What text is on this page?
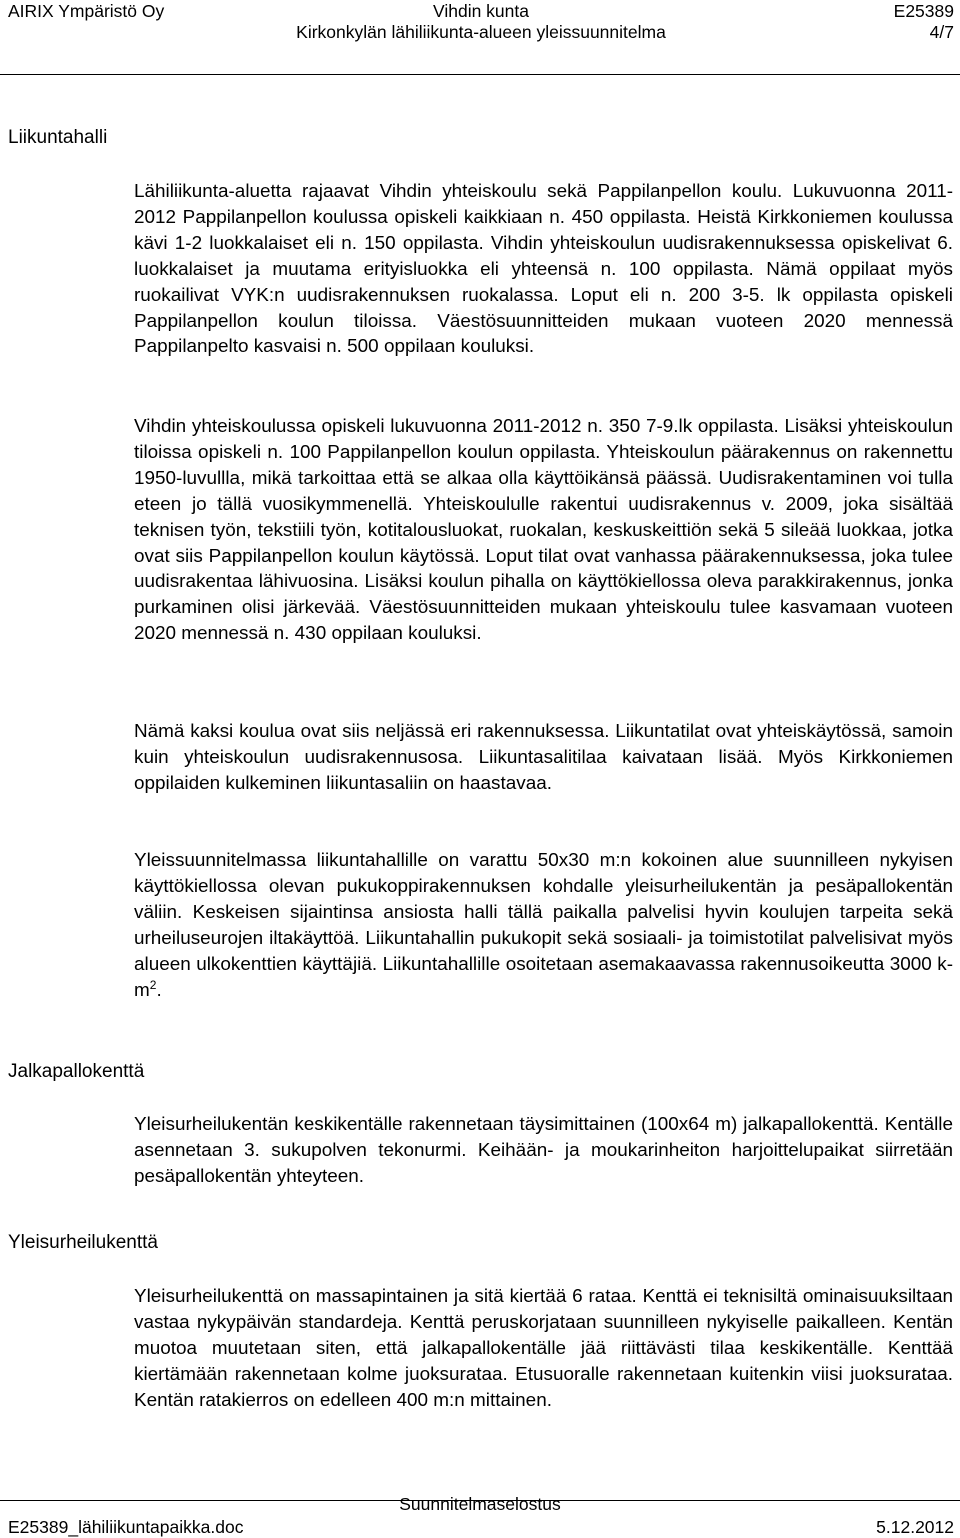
AIRIX Ympäristö Oy	Vihdin kunta	E25389
Kirkonkylän lähiliikunta-alueen yleissuunnitelma	4/7
Liikuntahalli
Jalkapallokenttä
Yleisurheilukenttä

Lähiliikunta-aluetta rajaavat Vihdin yhteiskoulu sekä Pappilanpellon koulu. Lukuvuonna 2011-2012 Pappilanpellon koulussa opiskeli kaikkiaan n. 450 oppilasta. Heistä Kirkkoniemen koulussa kävi 1-2 luokkalaiset eli n. 150 oppilasta. Vihdin yhteiskoulun uudisrakennuksessa opiskelivat 6. luokkalaiset ja muutama erityisluokka eli yhteensä n. 100 oppilasta. Nämä oppilaat myös ruokailivat VYK:n uudisrakennuksen ruokalassa. Loput eli n. 200 3-5. lk oppilasta opiskeli Pappilanpellon koulun tiloissa. Väestösuunnitteiden mukaan vuoteen 2020 mennessä Pappilanpelto kasvaisi n. 500 oppilaan kouluksi.

Vihdin yhteiskoulussa opiskeli lukuvuonna 2011-2012 n. 350 7-9.lk oppilasta. Lisäksi yhteiskoulun tiloissa opiskeli n. 100 Pappilanpellon koulun oppilasta. Yhteiskoulun päärakennus on rakennettu 1950-luvullla, mikä tarkoittaa että se alkaa olla käyttöikänsä päässä. Uudisrakentaminen voi tulla eteen jo tällä vuosikymmenellä. Yhteiskoululle rakentui uudisrakennus v. 2009, joka sisältää teknisen työn, tekstiili työn, kotitalousluokat, ruokalan, keskuskeittiön sekä 5 sileää luokkaa, jotka ovat siis Pappilanpellon koulun käytössä. Loput tilat ovat vanhassa päärakennuksessa, joka tulee uudisrakentaa lähivuosina. Lisäksi koulun pihalla on käyttökiellossa oleva parakkirakennus, jonka purkaminen olisi järkevää. Väestösuunnitteiden mukaan yhteiskoulu tulee kasvamaan vuoteen 2020 mennessä n. 430 oppilaan kouluksi.

Nämä kaksi koulua ovat siis neljässä eri rakennuksessa. Liikuntatilat ovat yhteiskäytössä, samoin kuin yhteiskoulun uudisrakennusosa. Liikuntasalitilaa kaivataan lisää. Myös Kirkkoniemen oppilaiden kulkeminen liikuntasaliin on haastavaa.

Yleissuunnitelmassa liikuntahallille on varattu 50x30 m:n kokoinen alue suunnilleen nykyisen käyttökiellossa olevan pukukoppirakennuksen kohdalle yleisurheilukentän ja pesäpallokentän väliin. Keskeisen sijaintinsa ansiosta halli tällä paikalla palvelisi hyvin koulujen tarpeita sekä urheiluseurojen iltakäyttöä. Liikuntahallin pukukopit sekä sosiaali- ja toimistotilat palvelisivat myös alueen ulkokenttien käyttäjiä. Liikuntahallille osoitetaan asemakaavassa rakennusoikeutta 3000 $k-m^2$.

Yleisurheilukentän keskikentälle rakennetaan täysimittainen (100x64 m) jalkapallokenttä. Kentälle asennetaan 3. sukupolven tekonurmi. Keihään- ja moukarinheiton harjoittelupaikat siirretään pesäpallokentän yhteyteen.

Yleisurheilukenttä on massapintainen ja sitä kiertää 6 rataa. Kenttä ei teknisiltä ominaisuuksiltaan vastaa nykypäivän standardeja. Kenttä peruskorjataan suunnilleen nykyiselle paikalleen. Kentän muotoa muutetaan siten, että jalkapallokentälle jää riittävästi tilaa keskikentälle. Kenttää kiertämään rakennetaan kolme juoksurataa. Etusuoralle rakennetaan kuitenkin viisi juoksurataa. Kentän ratakierros on edelleen 400 m:n mittainen.

Suunnitelmaselostus
E25389_lähiliikuntapaikka.doc	5.12.2012
